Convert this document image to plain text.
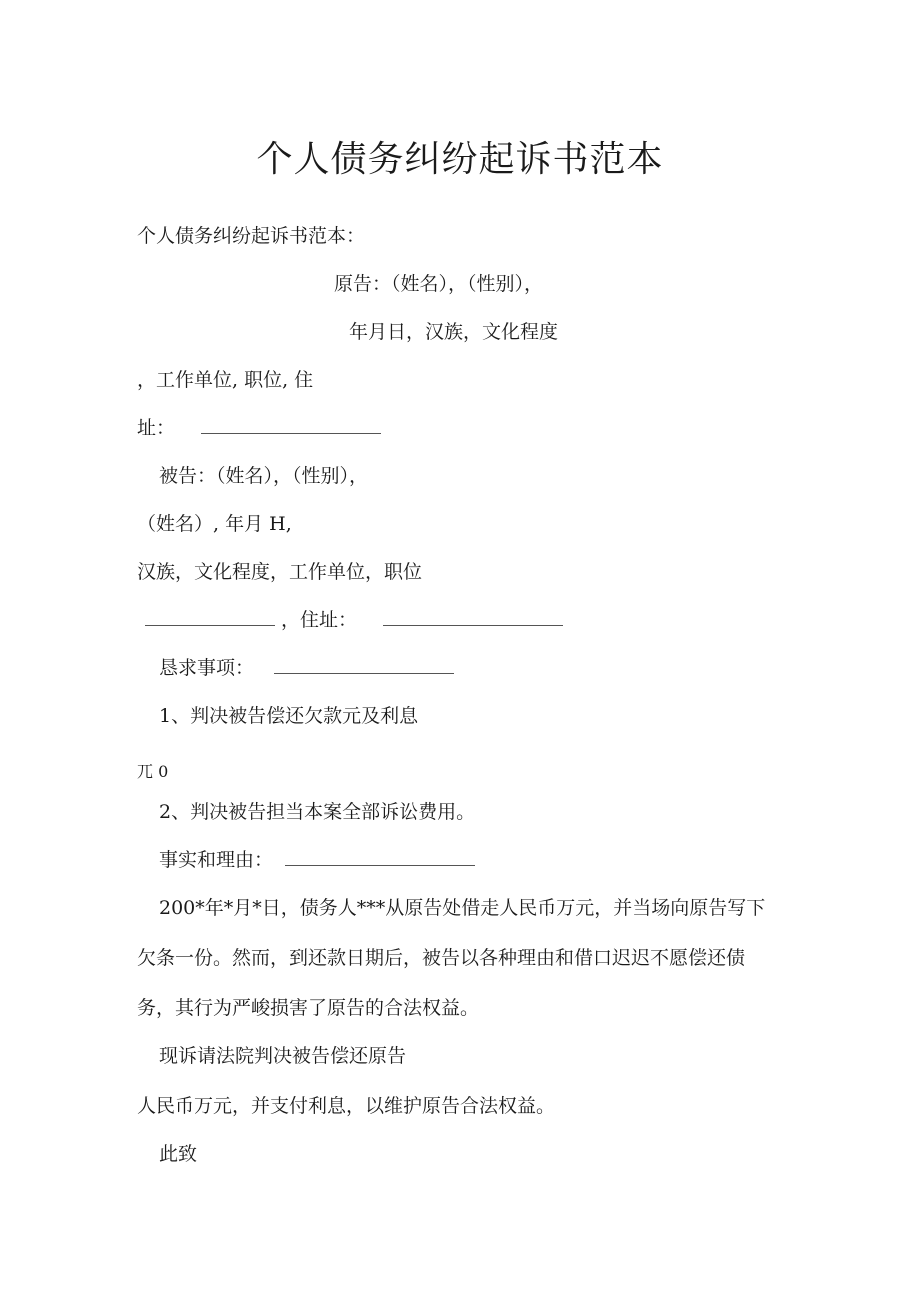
个人债务纠纷起诉书范本
个人债务纠纷起诉书范本：
原告：（姓名），（性别），
年月日，汉族，文化程度
，工作单位, 职位, 住
址：
被告：（姓名），（性别），
（姓名）, 年月 H,
汉族，文化程度，工作单位，职位
，住址：
恳求事项：
1、判决被告偿还欠款元及利息
兀 0
2、判决被告担当本案全部诉讼费用。
事实和理由：
200*年*月*日，债务人***从原告处借走人民币万元，并当场向原告写下
欠条一份。然而，到还款日期后，被告以各种理由和借口迟迟不愿偿还债
务，其行为严峻损害了原告的合法权益。
现诉请法院判决被告偿还原告
人民币万元，并支付利息，以维护原告合法权益。
此致
